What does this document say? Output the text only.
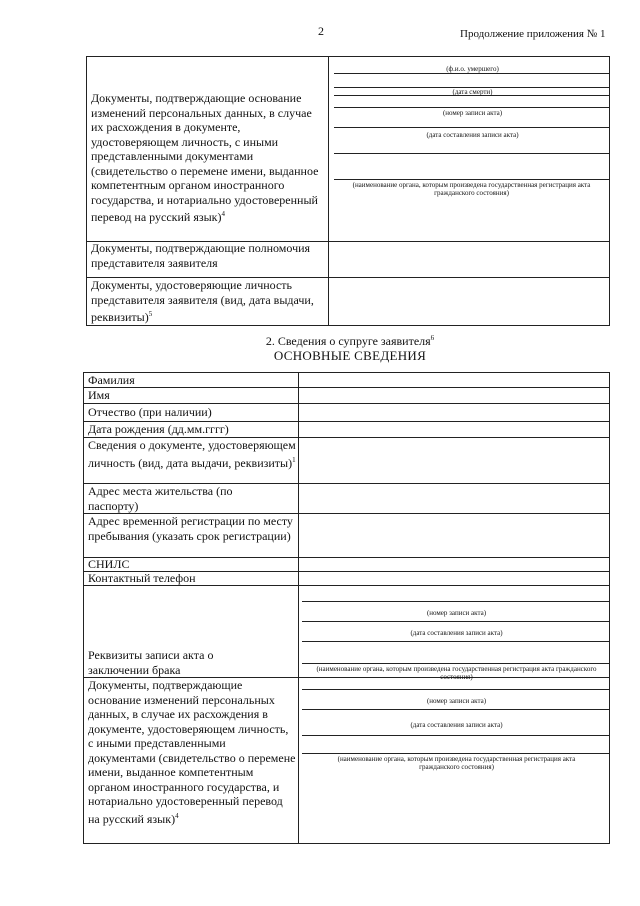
2	Продолжение приложения № 1
(ф.и.о. умершего)
(дата смерти)
(номер записи акта)
(дата составления записи акта)
(наименование органа, которым произведена государственная регистрация акта гражданского состояния)
Документы, подтверждающие основание изменений персональных данных, в случае их расхождения в документе, удостоверяющем личность, с иными представленными документами (свидетельство о перемене имени, выданное компетентным органом иностранного государства, и нотариально удостоверенный перевод на русский язык)$^4$
Документы, подтверждающие полномочия представителя заявителя
Документы, удостоверяющие личность представителя заявителя (вид, дата выдачи, реквизиты)$^5$
2. Сведения о супруге заявителя$^6$
ОСНОВНЫЕ СВЕДЕНИЯ
(номер записи акта)
(дата составления записи акта)
(наименование органа, которым произведена государственная регистрация акта гражданского состояния)
(номер записи акта)
(дата составления записи акта)
(наименование органа, которым произведена государственная регистрация акта гражданского состояния)
Фамилия
Имя
Отчество (при наличии)
Дата рождения (дд.мм.гггг)
Сведения о документе, удостоверяющем личность (вид, дата выдачи, реквизиты)$^1$
Адрес места жительства (по паспорту)
Адрес временной регистрации по месту пребывания (указать срок регистрации)
СНИЛС
Контактный телефон
Реквизиты записи акта о заключении брака
Документы, подтверждающие основание изменений персональных данных, в случае их расхождения в документе, удостоверяющем личность, с иными представленными документами (свидетельство о перемене имени, выданное компетентным органом иностранного государства, и нотариально удостоверенный перевод на русский язык)$^4$
